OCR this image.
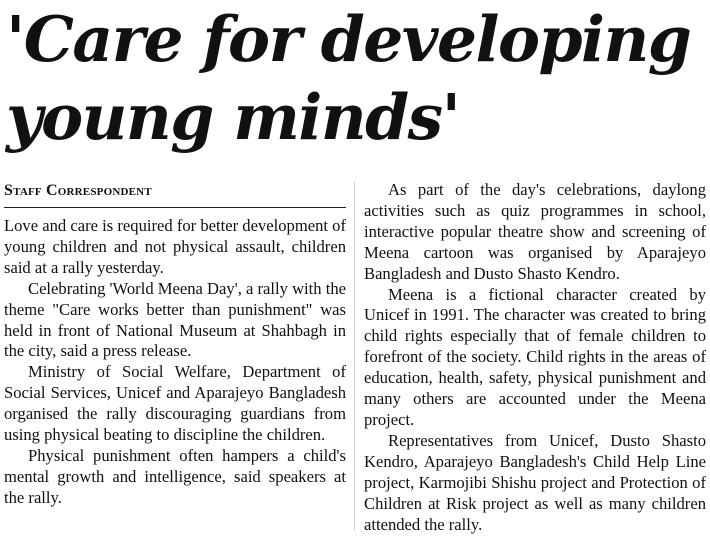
'Care for developing
young minds'
Staff Correspondent

Love and care is required for better development of young children and not physical assault, children said at a rally yesterday.

Celebrating 'World Meena Day', a rally with the theme "Care works better than punishment" was held in front of National Museum at Shahbagh in the city, said a press release.

Ministry of Social Welfare, Department of Social Services, Unicef and Aparajeyo Bangladesh organised the rally discouraging guardians from using physical beating to discipline the children.

Physical punishment often hampers a child's mental growth and intelligence, said speakers at the rally.

As part of the day's celebrations, daylong activities such as quiz programmes in school, interactive popular theatre show and screening of Meena cartoon was organised by Aparajeyo Bangladesh and Dusto Shasto Kendro.

Meena is a fictional character created by Unicef in 1991. The character was created to bring child rights especially that of female children to forefront of the society. Child rights in the areas of education, health, safety, physical punishment and many others are accounted under the Meena project.

Representatives from Unicef, Dusto Shasto Kendro, Aparajeyo Bangladesh's Child Help Line project, Karmojibi Shishu project and Protection of Children at Risk project as well as many children attended the rally.
